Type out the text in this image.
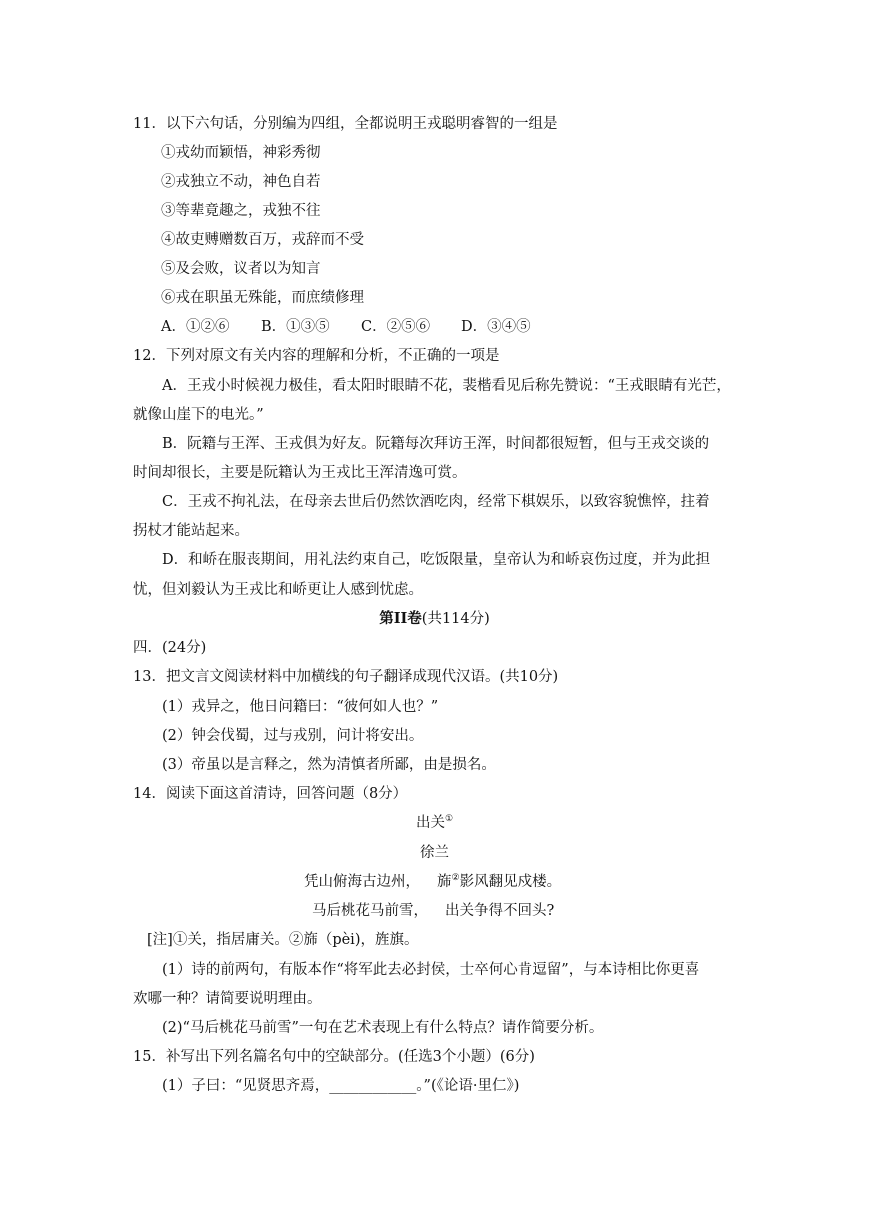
11．以下六句话，分别编为四组，全都说明王戎聪明睿智的一组是
①戎幼而颖悟，神彩秀彻
②戎独立不动，神色自若
③等辈竟趣之，戎独不往
④故吏赙赠数百万，戎辞而不受
⑤及会败，议者以为知言
⑥戎在职虽无殊能，而庶绩修理
A．①②⑥ B．①③⑤ C．②⑤⑥ D．③④⑤
12．下列对原文有关内容的理解和分析，不正确的一项是
A．王戎小时候视力极佳，看太阳时眼睛不花，裴楷看见后称先赞说：“王戎眼睛有光芒，
就像山崖下的电光。”
B．阮籍与王浑、王戎俱为好友。阮籍每次拜访王浑，时间都很短暂，但与王戎交谈的
时间却很长，主要是阮籍认为王戎比王浑清逸可赏。
C．王戎不拘礼法，在母亲去世后仍然饮酒吃肉，经常下棋娱乐，以致容貌憔悴，拄着
拐杖才能站起来。
D．和峤在服丧期间，用礼法约束自己，吃饭限量，皇帝认为和峤哀伤过度，并为此担
忧，但刘毅认为王戎比和峤更让人感到忧虑。
第II卷(共114分)
四．(24分)
13．把文言文阅读材料中加横线的句子翻译成现代汉语。(共10分)
(1）戎异之，他日问籍曰：“彼何如人也？”
(2）钟会伐蜀，过与戎别，问计将安出。
(3）帝虽以是言释之，然为清慎者所鄙，由是损名。
14．阅读下面这首清诗，回答问题（8分）
出关①
徐兰
凭山俯海古边州， 旆②影风翻见戍楼。
马后桃花马前雪， 出关争得不回头?
[注]①关，指居庸关。②旆（pèi)，旌旗。
(1）诗的前两句，有版本作“将军此去必封侯，士卒何心肯逗留”，与本诗相比你更喜
欢哪一种？请简要说明理由。
(2)“马后桃花马前雪”一句在艺术表现上有什么特点？请作简要分析。
15．补写出下列名篇名句中的空缺部分。(任选3个小题）(6分)
(1）子曰：“见贤思齐焉，____________。”(《论语·里仁》)
